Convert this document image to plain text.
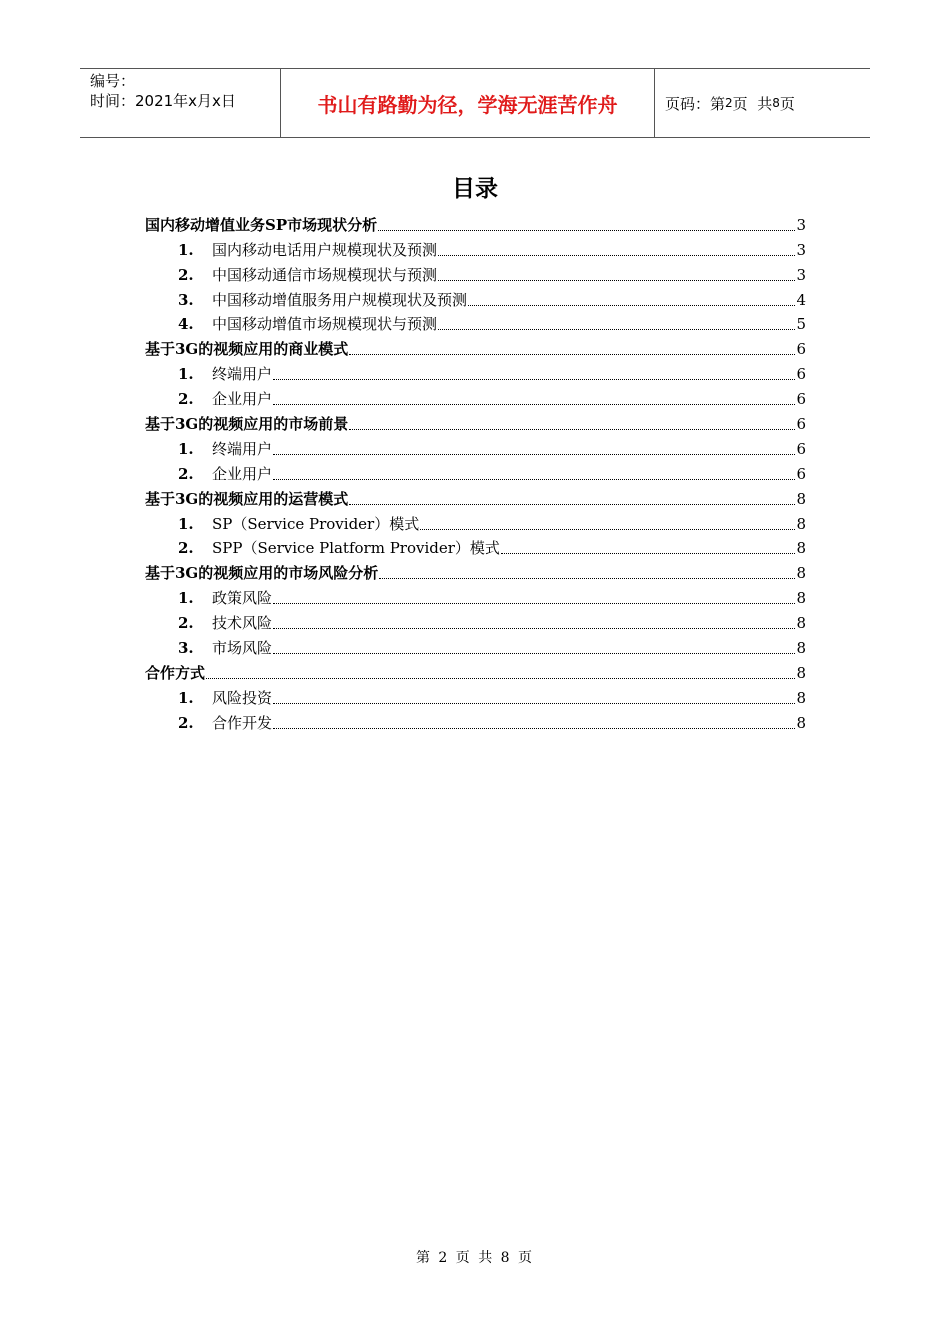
编号：
时间：2021年x月x日	书山有路勤为径，学海无涯苦作舟	页码：第 2 页  共 8 页
目录
国内移动增值业务SP市场现状分析	3
1.	国内移动电话用户规模现状及预测	3
2.	中国移动通信市场规模现状与预测	3
3.	中国移动增值服务用户规模现状及预测	4
4.	中国移动增值市场规模现状与预测	5
基于3G的视频应用的商业模式	6
1.	终端用户	6
2.	企业用户	6
基于3G的视频应用的市场前景	6
1.	终端用户	6
2.	企业用户	6
基于3G的视频应用的运营模式	8
1.	SP（Service Provider）模式	8
2.	SPP（Service Platform Provider）模式	8
基于3G的视频应用的市场风险分析	8
1.	政策风险	8
2.	技术风险	8
3.	市场风险	8
合作方式	8
1.	风险投资	8
2.	合作开发	8
第 2 页 共 8 页
